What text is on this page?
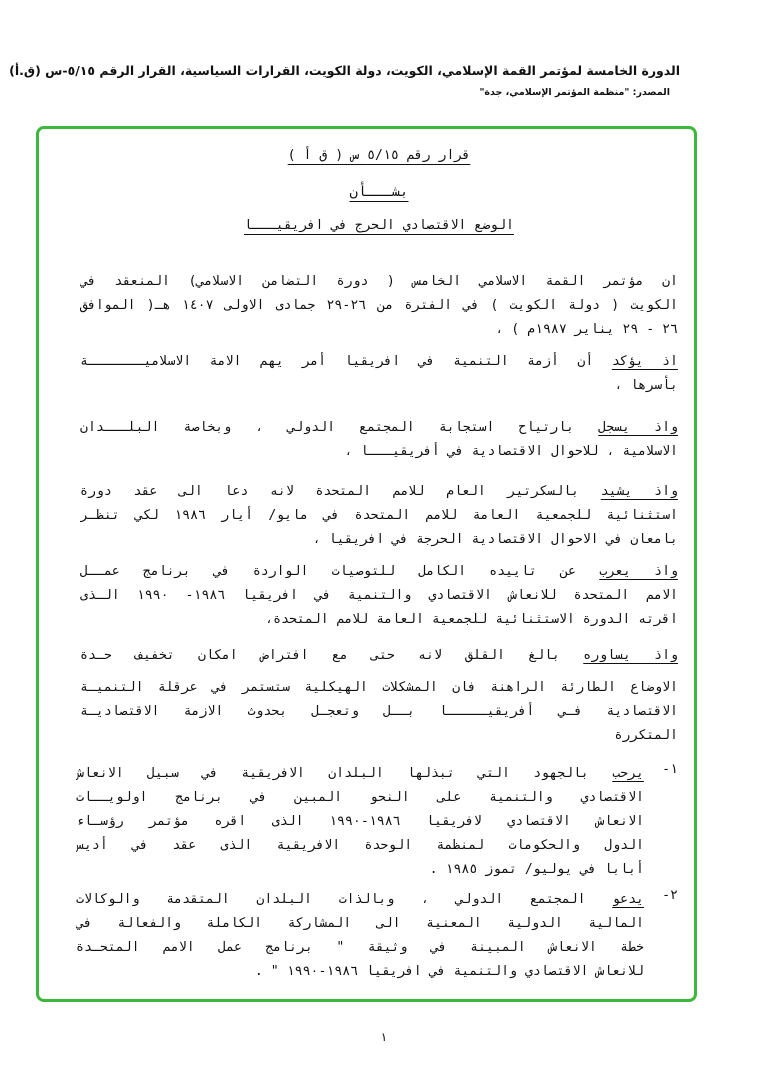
الدورة الخامسة لمؤتمر القمة الإسلامي، الكويت، دولة الكويت، القرارات السياسية، القرار الرقم ٥/١٥-س (ق.أ)
المصدر: "منظمة المؤتمر الإسلامي، جدة"
قرار رقم ٥/١٥ س ( ق أ )
بشـــأن
الوضع الاقتصادي الحرج في افريقيـــا
ان مؤتمر القمة الاسلامي الخامس ( دورة التضامن الاسلامي) المنعقد في
الكويت ( دولة الكويت ) في الفترة من ٢٦-٢٩ جمادى الاولى ١٤٠٧ هـ( الموافق
٢٦ - ٢٩ يناير ١٩٨٧م ) ،
اذ يؤكد أن أزمة التنمية في افريقيا أمر يهم الامة الاسلاميـــــــة
بأسرها ،
واذ يسجل بارتياح استجابة المجتمع الدولي ، وبخاصة البلـــدان
الاسلامية ، للاحوال الاقتصادية في أفريقيـــا ،
واذ يشيد بالسكرتير العام للامم المتحدة لانه دعا الى عقد دورة
استثنائية للجمعية العامة للامم المتحدة في مايو/ أيار ١٩٨٦ لكي تنظـر
بامعان في الاحوال الاقتصادية الحرجة في افريقيا ،
واذ يعرب عن تاييده الكامل للتوصيات الواردة في برنامج عمــل
الامم المتحدة للانعاش الاقتصادي والتنمية في افريقيا ١٩٨٦- ١٩٩٠ الـذى
اقرته الدورة الاستثنائية للجمعية العامة للامم المتحدة،
واذ يساوره بالغ القلق لانه حتى مع افتراض امكان تخفيف حـدة
الاوضاع الطارئة الراهنة فان المشكلات الهيكلية ستستمر في عرقلة التنميـة
الاقتصادية فـي أفريقيـــــا بــل وتعجـل بحدوث الازمة الاقتصاديـة
المتكررة
١-
يرحب بالجهود التي تبذلها البلدان الافريقية في سبيل الانعاش
الاقتصادي والتنمية على النحو المبين في برنامج اولويــات
الانعاش الاقتصادي لافريقيا ١٩٨٦-١٩٩٠ الذى اقره مؤتمر رؤسـاء
الدول والحكومات لمنظمة الوحدة الافريقية الذى عقد في أديس
أبابا في يوليو/ تموز ١٩٨٥ .
٢-
يدعو المجتمع الدولي ، وبالذات البلدان المتقدمة والوكالات
المالية الدولية المعنية الى المشاركة الكاملة والفعالة في
خطة الانعاش المبينة في وثيقة " برنامج عمل الامم المتحـدة
للانعاش الاقتصادي والتنمية في افريقيا ١٩٨٦-١٩٩٠ " .
١
